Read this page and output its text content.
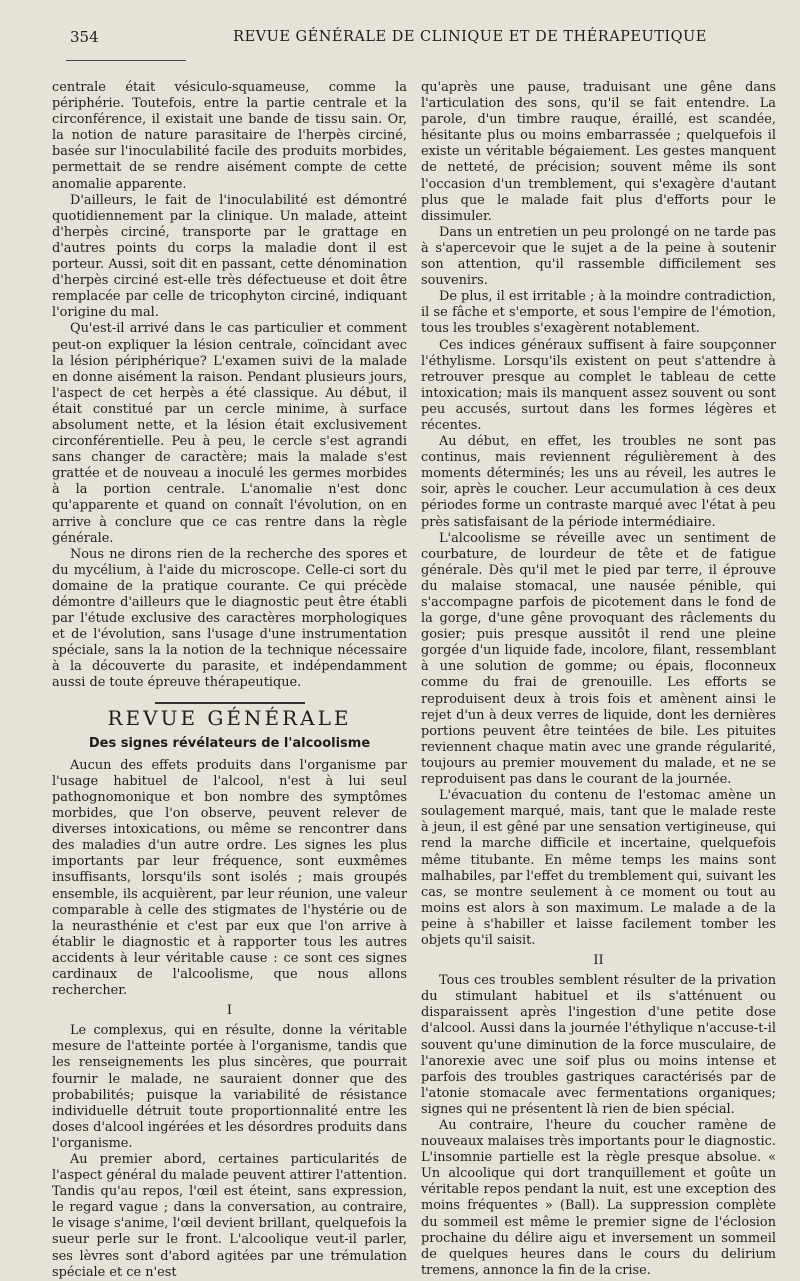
354	REVUE GÉNÉRALE DE CLINIQUE ET DE THÉRAPEUTIQUE

centrale était vésiculo-squameuse, comme la périphérie. Toutefois, entre la partie centrale et la circonférence, il existait une bande de tissu sain. Or, la notion de nature parasitaire de l'herpès circiné, basée sur l'inoculabilité facile des produits morbides, permettait de se rendre aisément compte de cette anomalie apparente.

D'ailleurs, le fait de l'inoculabilité est démontré quotidiennement par la clinique. Un malade, atteint d'herpès circiné, transporte par le grattage en d'autres points du corps la maladie dont il est porteur. Aussi, soit dit en passant, cette dénomination d'herpès circiné est-elle très défectueuse et doit être remplacée par celle de tricophyton circiné, indiquant l'origine du mal.

Qu'est-il arrivé dans le cas particulier et comment peut-on expliquer la lésion centrale, coïncidant avec la lésion périphérique? L'examen suivi de la malade en donne aisément la raison. Pendant plusieurs jours, l'aspect de cet herpès a été classique. Au début, il était constitué par un cercle minime, à surface absolument nette, et la lésion était exclusivement circonférentielle. Peu à peu, le cercle s'est agrandi sans changer de caractère; mais la malade s'est grattée et de nouveau a inoculé les germes morbides à la portion centrale. L'anomalie n'est donc qu'apparente et quand on connaît l'évolution, on en arrive à conclure que ce cas rentre dans la règle générale.

Nous ne dirons rien de la recherche des spores et du mycélium, à l'aide du microscope. Celle-ci sort du domaine de la pratique courante. Ce qui précède démontre d'ailleurs que le diagnostic peut être établi par l'étude exclusive des caractères morphologiques et de l'évolution, sans l'usage d'une instrumentation spéciale, sans la la notion de la technique nécessaire à la découverte du parasite, et indépendamment aussi de toute épreuve thérapeutique.

REVUE GÉNÉRALE
Des signes révélateurs de l'alcoolisme

Aucun des effets produits dans l'organisme par l'usage habituel de l'alcool, n'est à lui seul pathognomonique et bon nombre des symptômes morbides, que l'on observe, peuvent relever de diverses intoxications, ou même se rencontrer dans des maladies d'un autre ordre. Les signes les plus importants par leur fréquence, sont euxmêmes insuffisants, lorsqu'ils sont isolés ; mais groupés ensemble, ils acquièrent, par leur réunion, une valeur comparable à celle des stigmates de l'hystérie ou de la neurasthénie et c'est par eux que l'on arrive à établir le diagnostic et à rapporter tous les autres accidents à leur véritable cause : ce sont ces signes cardinaux de l'alcoolisme, que nous allons rechercher.

I

Le complexus, qui en résulte, donne la véritable mesure de l'atteinte portée à l'organisme, tandis que les renseignements les plus sincères, que pourrait fournir le malade, ne sauraient donner que des probabilités; puisque la variabilité de résistance individuelle détruit toute proportionnalité entre les doses d'alcool ingérées et les désordres produits dans l'organisme.

Au premier abord, certaines particularités de l'aspect général du malade peuvent attirer l'attention. Tandis qu'au repos, l'œil est éteint, sans expression, le regard vague ; dans la conversation, au contraire, le visage s'anime, l'œil devient brillant, quelquefois la sueur perle sur le front. L'alcoolique veut-il parler, ses lèvres sont d'abord agitées par une trémulation spéciale et ce n'est

qu'après une pause, traduisant une gêne dans l'articulation des sons, qu'il se fait entendre. La parole, d'un timbre rauque, éraillé, est scandée, hésitante plus ou moins embarrassée ; quelquefois il existe un véritable bégaiement. Les gestes manquent de netteté, de précision; souvent même ils sont l'occasion d'un tremblement, qui s'exagère d'autant plus que le malade fait plus d'efforts pour le dissimuler.

Dans un entretien un peu prolongé on ne tarde pas à s'apercevoir que le sujet a de la peine à soutenir son attention, qu'il rassemble difficilement ses souvenirs.

De plus, il est irritable ; à la moindre contradiction, il se fâche et s'emporte, et sous l'empire de l'émotion, tous les troubles s'exagèrent notablement.

Ces indices généraux suffisent à faire soupçonner l'éthylisme. Lorsqu'ils existent on peut s'attendre à retrouver presque au complet le tableau de cette intoxication; mais ils manquent assez souvent ou sont peu accusés, surtout dans les formes légères et récentes.

Au début, en effet, les troubles ne sont pas continus, mais reviennent régulièrement à des moments déterminés; les uns au réveil, les autres le soir, après le coucher. Leur accumulation à ces deux périodes forme un contraste marqué avec l'état à peu près satisfaisant de la période intermédiaire.

L'alcoolisme se réveille avec un sentiment de courbature, de lourdeur de tête et de fatigue générale. Dès qu'il met le pied par terre, il éprouve du malaise stomacal, une nausée pénible, qui s'accompagne parfois de picotement dans le fond de la gorge, d'une gêne provoquant des râclements du gosier; puis presque aussitôt il rend une pleine gorgée d'un liquide fade, incolore, filant, ressemblant à une solution de gomme; ou épais, floconneux comme du frai de grenouille. Les efforts se reproduisent deux à trois fois et amènent ainsi le rejet d'un à deux verres de liquide, dont les dernières portions peuvent être teintées de bile. Les pituites reviennent chaque matin avec une grande régularité, toujours au premier mouvement du malade, et ne se reproduisent pas dans le courant de la journée.

L'évacuation du contenu de l'estomac amène un soulagement marqué, mais, tant que le malade reste à jeun, il est gêné par une sensation vertigineuse, qui rend la marche difficile et incertaine, quelquefois même titubante. En même temps les mains sont malhabiles, par l'effet du tremblement qui, suivant les cas, se montre seulement à ce moment ou tout au moins est alors à son maximum. Le malade a de la peine à s'habiller et laisse facilement tomber les objets qu'il saisit.

II

Tous ces troubles semblent résulter de la privation du stimulant habituel et ils s'atténuent ou disparaissent après l'ingestion d'une petite dose d'alcool. Aussi dans la journée l'éthylique n'accuse-t-il souvent qu'une diminution de la force musculaire, de l'anorexie avec une soif plus ou moins intense et parfois des troubles gastriques caractérisés par de l'atonie stomacale avec fermentations organiques; signes qui ne présentent là rien de bien spécial.

Au contraire, l'heure du coucher ramène de nouveaux malaises très importants pour le diagnostic. L'insomnie partielle est la règle presque absolue. « Un alcoolique qui dort tranquillement et goûte un véritable repos pendant la nuit, est une exception des moins fréquentes » (Ball). La suppression complète du sommeil est même le premier signe de l'éclosion prochaine du délire aigu et inversement un sommeil de quelques heures dans le cours du delirium tremens, annonce la fin de la crise.
